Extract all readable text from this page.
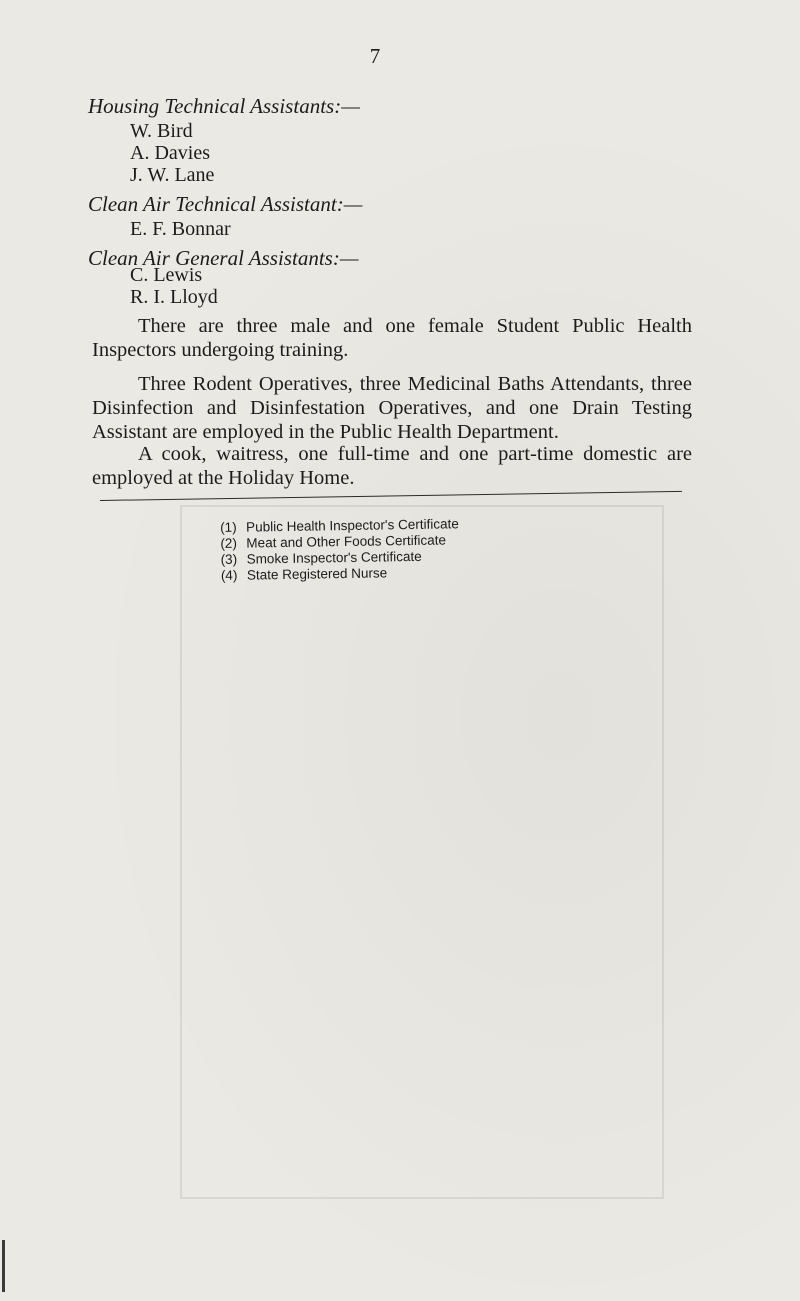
7
Housing Technical Assistants:—
W. Bird
A. Davies
J. W. Lane
Clean Air Technical Assistant:—
E. F. Bonnar
Clean Air General Assistants:—
C. Lewis
R. I. Lloyd
There are three male and one female Student Public Health Inspectors undergoing training.
Three Rodent Operatives, three Medicinal Baths Attendants, three Disinfection and Disinfestation Operatives, and one Drain Testing Assistant are employed in the Public Health Department.
A cook, waitress, one full-time and one part-time domestic are employed at the Holiday Home.
(1) Public Health Inspector's Certificate
(2) Meat and Other Foods Certificate
(3) Smoke Inspector's Certificate
(4) State Registered Nurse
